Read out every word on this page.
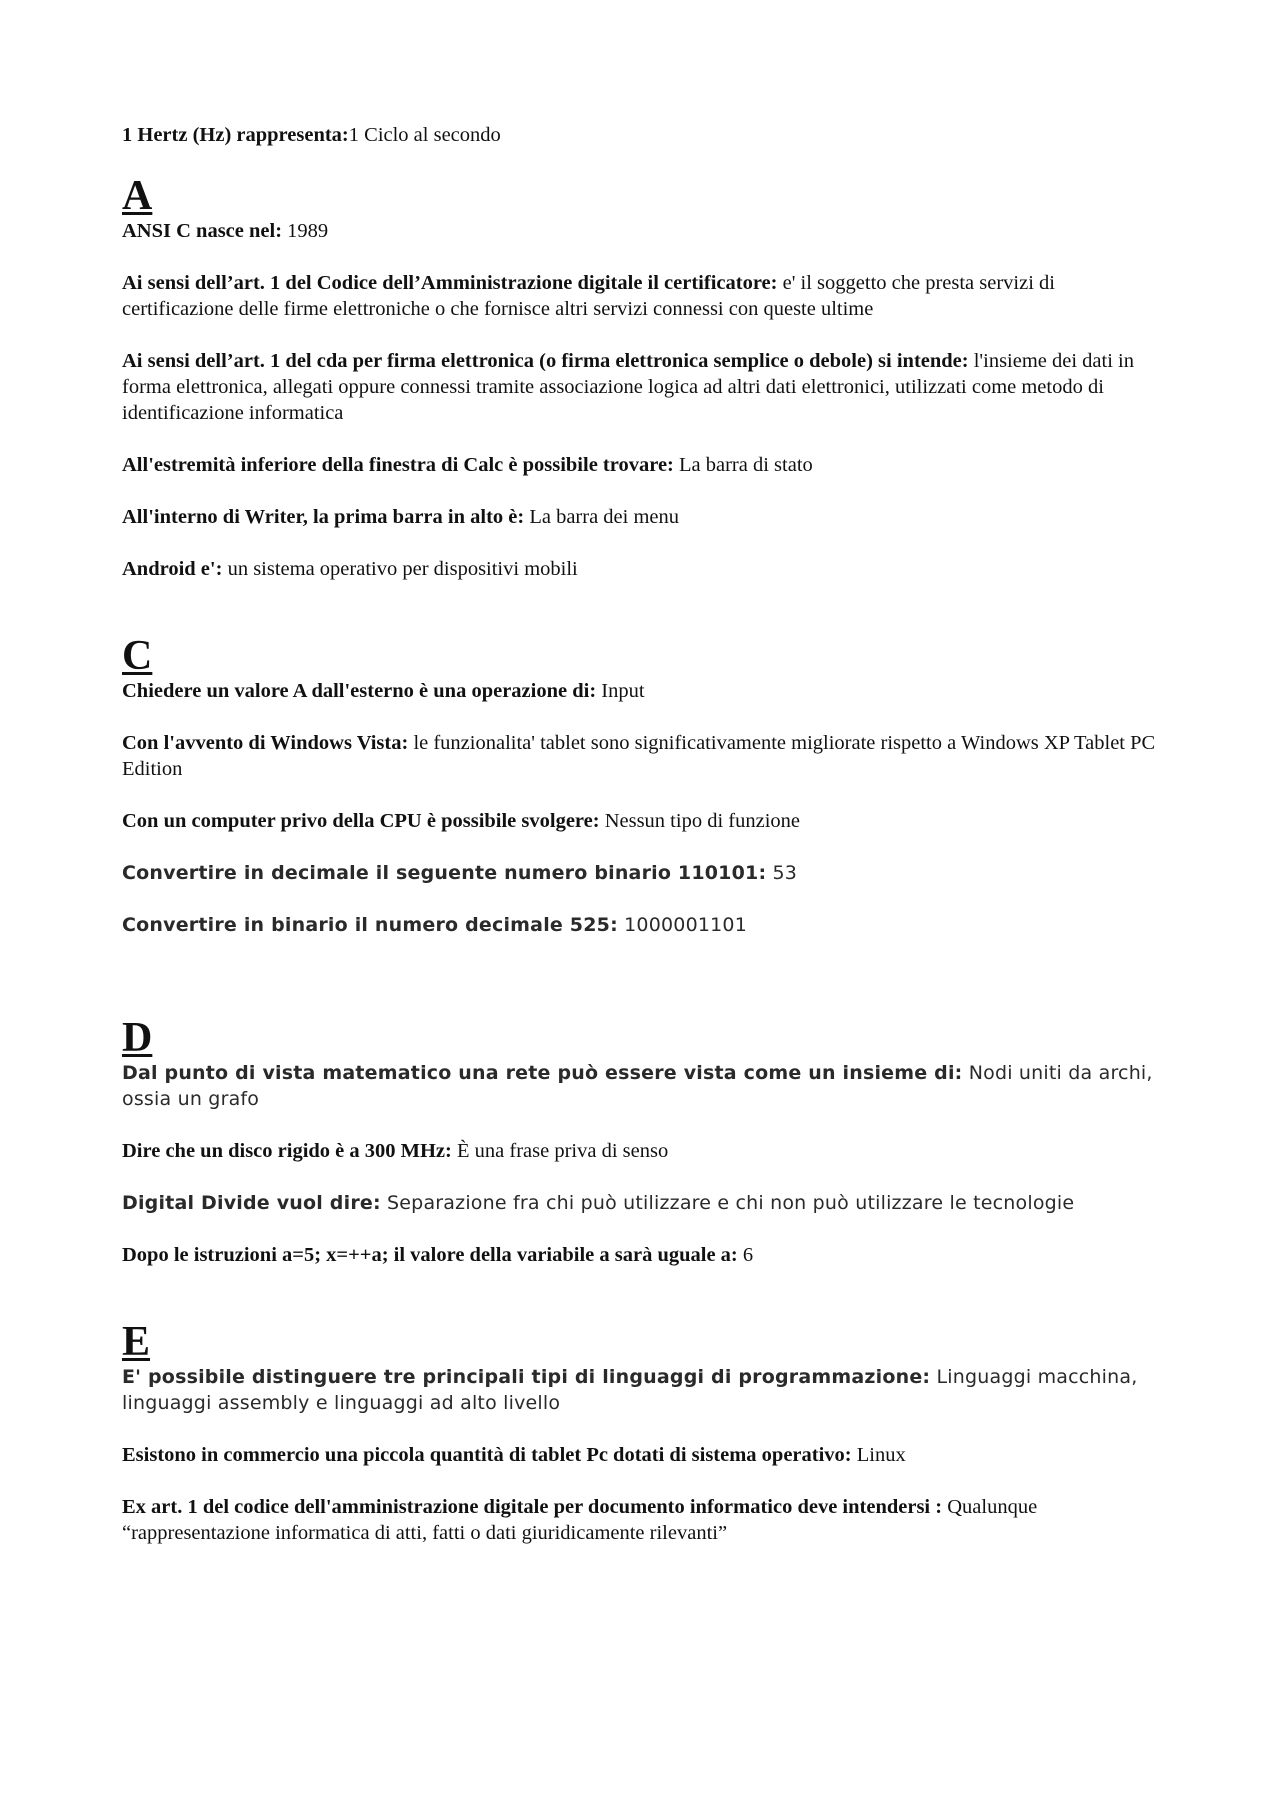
1 Hertz (Hz) rappresenta:1 Ciclo al secondo

A

ANSI C nasce nel: 1989

Ai sensi dell’art. 1 del Codice dell’Amministrazione digitale il certificatore: e' il soggetto che presta servizi di certificazione delle firme elettroniche o che fornisce altri servizi connessi con queste ultime

Ai sensi dell’art. 1 del cda per firma elettronica (o firma elettronica semplice o debole) si intende: l'insieme dei dati in forma elettronica, allegati oppure connessi tramite associazione logica ad altri dati elettronici, utilizzati come metodo di identificazione informatica

All'estremità inferiore della finestra di Calc è possibile trovare: La barra di stato

All'interno di Writer, la prima barra in alto è: La barra dei menu

Android e': un sistema operativo per dispositivi mobili

C

Chiedere un valore A dall'esterno è una operazione di: Input

Con l'avvento di Windows Vista: le funzionalita' tablet sono significativamente migliorate rispetto a Windows XP Tablet PC Edition

Con un computer privo della CPU è possibile svolgere: Nessun tipo di funzione

Convertire in decimale il seguente numero binario 110101: 53

Convertire in binario il numero decimale 525: 1000001101

D

Dal punto di vista matematico una rete può essere vista come un insieme di: Nodi uniti da archi, ossia un grafo

Dire che un disco rigido è a 300 MHz: È una frase priva di senso

Digital Divide vuol dire: Separazione fra chi può utilizzare e chi non può utilizzare le tecnologie

Dopo le istruzioni a=5; x=++a; il valore della variabile a sarà uguale a: 6

E

E' possibile distinguere tre principali tipi di linguaggi di programmazione: Linguaggi macchina, linguaggi assembly e linguaggi ad alto livello

Esistono in commercio una piccola quantità di tablet Pc dotati di sistema operativo: Linux

Ex art. 1 del codice dell'amministrazione digitale per documento informatico deve intendersi : Qualunque “rappresentazione informatica di atti, fatti o dati giuridicamente rilevanti”
